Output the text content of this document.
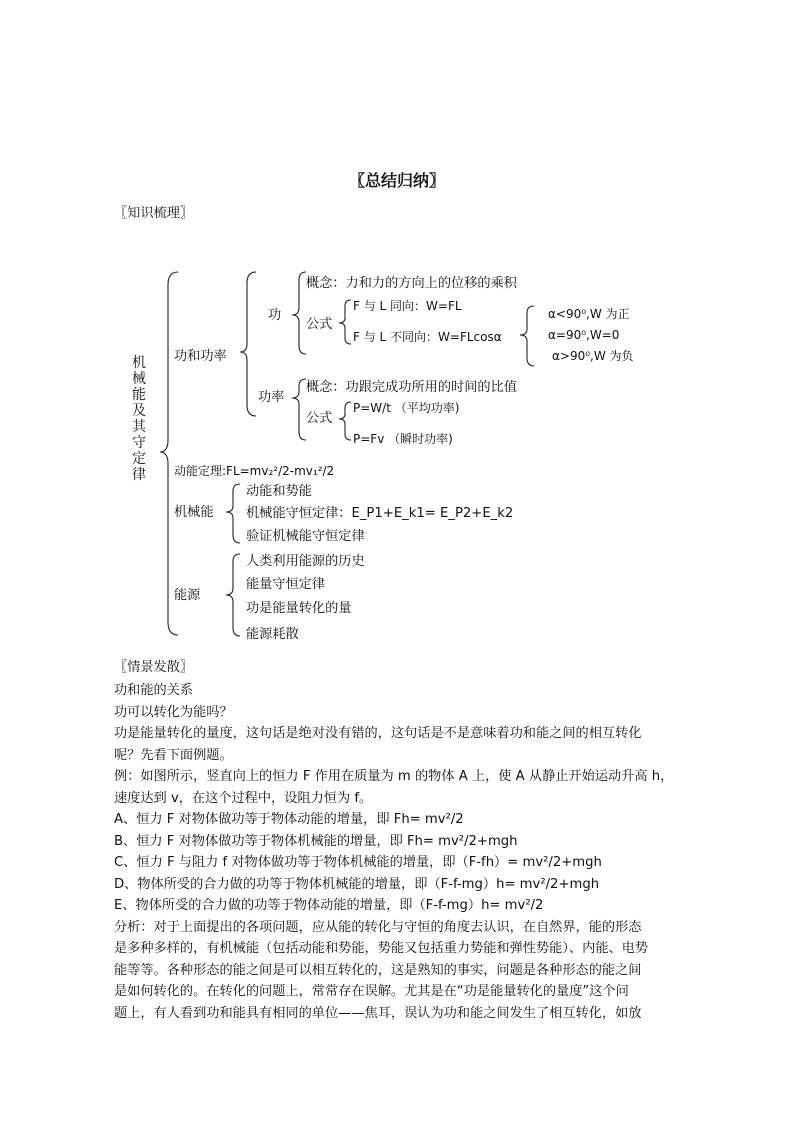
〖总结归纳〗
〖知识梳理〗
机械能及其守定律
功和功率
功
概念：力和力的方向上的位移的乘积
公式
F 与 L 同向：W=FL
F 与 L 不同向：W=FLcosα
α<90⁰,W 为正
α=90⁰,W=0
α>90⁰,W 为负
功率
概念：功跟完成功所用的时间的比值
公式
P=W/t （平均功率)
P=Fv （瞬时功率)
动能定理:FL=mv₂²/2-mv₁²/2
机械能
动能和势能
机械能守恒定律：E_P1+E_k1= E_P2+E_k2
验证机械能守恒定律
能源
人类利用能源的历史
能量守恒定律
功是能量转化的量
能源耗散
〖情景发散〗

功和能的关系

功可以转化为能吗？

功是能量转化的量度，这句话是绝对没有错的，这句话是不是意味着功和能之间的相互转化

呢？先看下面例题。

例：如图所示，竖直向上的恒力 F 作用在质量为 m 的物体 A 上，使 A 从静止开始运动升高 h，

速度达到 v，在这个过程中，设阻力恒为 f。

A、恒力 F 对物体做功等于物体动能的增量，即 Fh= mv²/2

B、恒力 F 对物体做功等于物体机械能的增量，即 Fh= mv²/2+mgh

C、恒力 F 与阻力 f 对物体做功等于物体机械能的增量，即（F-fh）= mv²/2+mgh

D、物体所受的合力做的功等于物体机械能的增量，即（F-f-mg）h= mv²/2+mgh

E、物体所受的合力做的功等于物体动能的增量，即（F-f-mg）h= mv²/2

分析：对于上面提出的各项问题，应从能的转化与守恒的角度去认识，在自然界，能的形态

是多种多样的，有机械能（包括动能和势能，势能又包括重力势能和弹性势能）、内能、电势

能等等。各种形态的能之间是可以相互转化的，这是熟知的事实，问题是各种形态的能之间

是如何转化的。在转化的问题上，常常存在误解。尤其是在“功是能量转化的量度”这个问

题上，有人看到功和能具有相同的单位——焦耳，误认为功和能之间发生了相互转化，如放
